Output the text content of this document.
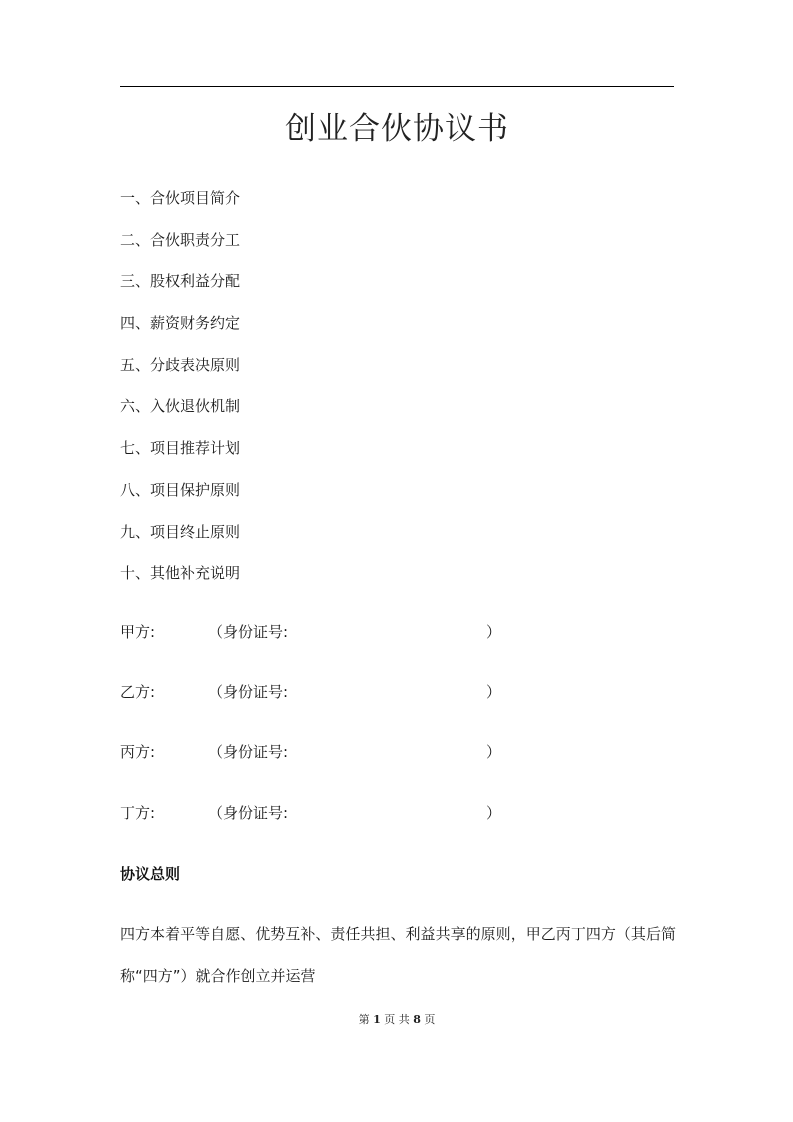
创业合伙协议书
一、合伙项目简介
二、合伙职责分工
三、股权利益分配
四、薪资财务约定
五、分歧表决原则
六、入伙退伙机制
七、项目推荐计划
八、项目保护原则
九、项目终止原则
十、其他补充说明
甲方:	（身份证号:	）
乙方:	（身份证号:	）
丙方:	（身份证号:	）
丁方:	（身份证号:	）
协议总则

四方本着平等自愿、优势互补、责任共担、利益共享的原则，甲乙丙丁四方（其后简称“四方”）就合作创立并运营

第 1 页 共 8 页
